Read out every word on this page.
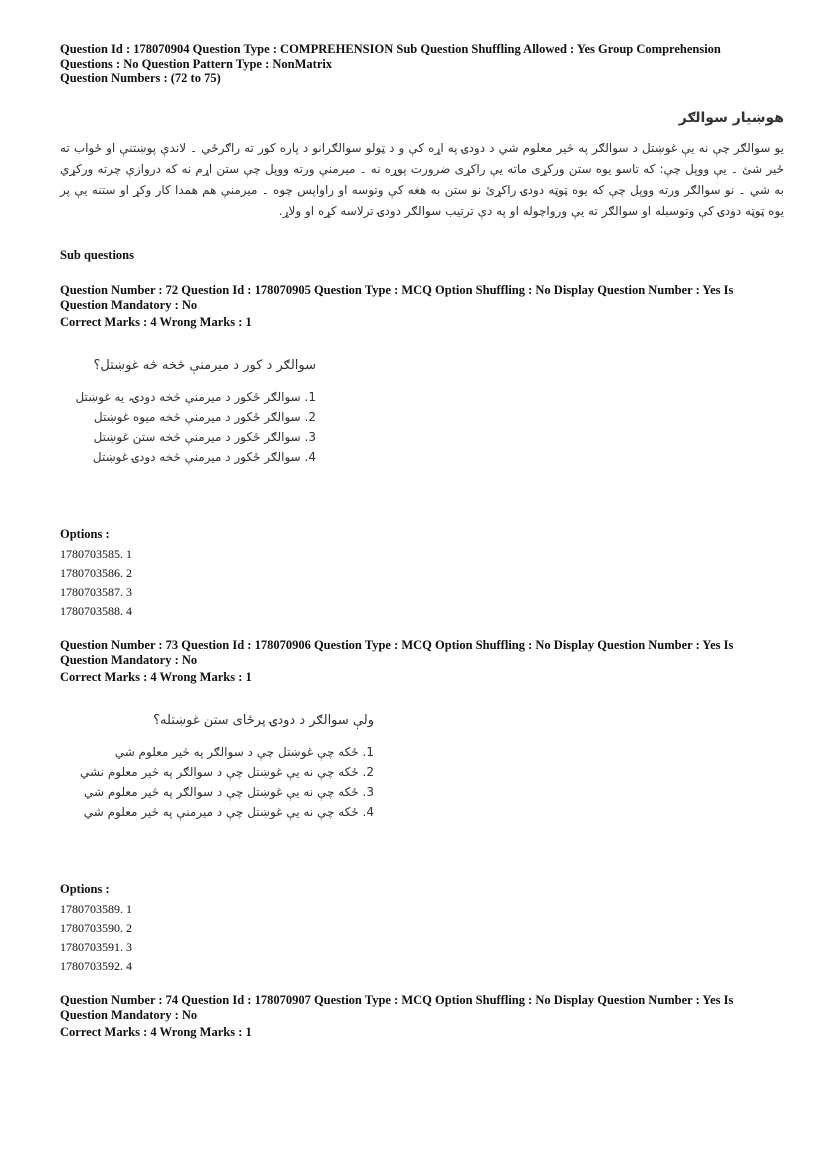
Question Id : 178070904 Question Type : COMPREHENSION Sub Question Shuffling Allowed : Yes Group Comprehension
Questions : No Question Pattern Type : NonMatrix
Question Numbers : (72 to 75)
هوښيار سوالګر
يو سوالګر چې نه يې غوښتل د سوالګر په څير معلوم شي د دودۍ په اړه کې و د ټولو سوالګرانو د پاره کور ته راګرځي ۔ لاندې پوښتنې او ځواب ته ځير شئ ۔ يې ووپل چې: که تاسو يوه ستن ورکړی ماته يې راکړی ضرورت پوړه نه ۔ ميرمنې ورته ووپل چې ستن اړم نه که دروازې چرته ورکړي به شي ۔ نو سوالګر ورته ووپل چې که يوه ټوټه دودۍ راکړئ نو ستن به هغه کې وتوسه او راواپس چوه ۔ ميرمنې هم همدا کار وکړ او ستنه يې پر يوه ټوټه دودۍ کې وتوسبله او سوالګر ته يې ورواچوله او په دې ترتيب سوالګر دودۍ ترلاسه کړه او ولاړ.
Sub questions
Question Number : 72 Question Id : 178070905 Question Type : MCQ Option Shuffling : No Display Question Number : Yes Is
Question Mandatory : No
Correct Marks : 4 Wrong Marks : 1
سوالګر د کور د ميرمنې څخه څه غوښتل؟
1. سوالګر ځکور د ميرمنې څخه دودۍ، يه غوښتل
2. سوالګر ځکور د ميرمنې څخه ميوه غوښتل
3. سوالګر ځکور د ميرمنې څخه ستن غوښتل
4. سوالګر ځکور د ميرمنې څخه دودۍ غوښتل
Options :
1780703585. 1
1780703586. 2
1780703587. 3
1780703588. 4
Question Number : 73 Question Id : 178070906 Question Type : MCQ Option Shuffling : No Display Question Number : Yes Is
Question Mandatory : No
Correct Marks : 4 Wrong Marks : 1
ولې سوالګر د دودۍ پرځای ستن غوښتله؟
1. ځکه چې غوښتل چې د سوالګر په څير معلوم شي
2. ځکه چې نه يې غوښتل چې د سوالګر په څير معلوم نشي
3. ځکه چې نه يې غوښتل چې د سوالګر په څير معلوم شي
4. ځکه چې نه يې غوښتل چې د ميرمنې په څير معلوم شي
Options :
1780703589. 1
1780703590. 2
1780703591. 3
1780703592. 4
Question Number : 74 Question Id : 178070907 Question Type : MCQ Option Shuffling : No Display Question Number : Yes Is
Question Mandatory : No
Correct Marks : 4 Wrong Marks : 1
